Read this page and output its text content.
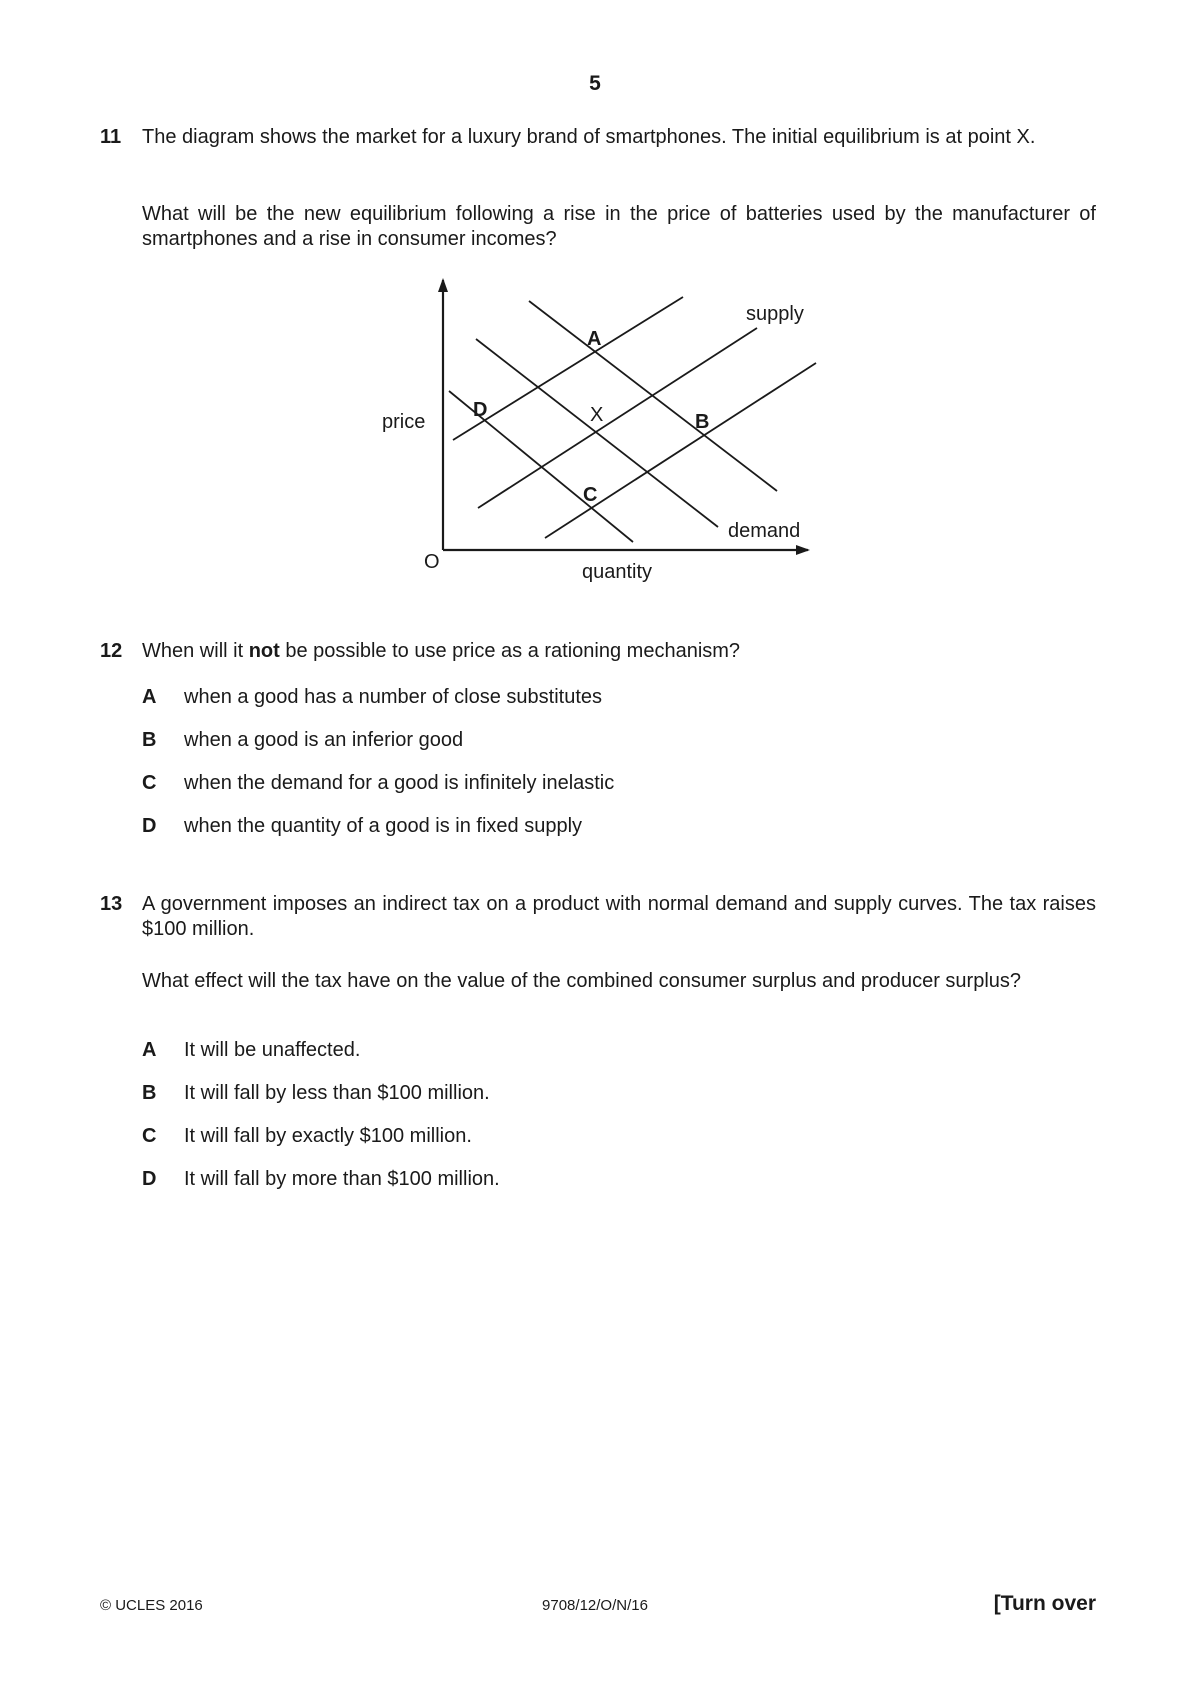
5
11 The diagram shows the market for a luxury brand of smartphones. The initial equilibrium is at point X.
What will be the new equilibrium following a rise in the price of batteries used by the manufacturer of smartphones and a rise in consumer incomes?
price
quantity
O
supply
demand
A
B
C
D	X
12 When will it not be possible to use price as a rationing mechanism?
A when a good has a number of close substitutes
B when a good is an inferior good
C when the demand for a good is infinitely inelastic
D when the quantity of a good is in fixed supply
13 A government imposes an indirect tax on a product with normal demand and supply curves. The tax raises $100 million.
What effect will the tax have on the value of the combined consumer surplus and producer surplus?
A It will be unaffected.
B It will fall by less than $100 million.
C It will fall by exactly $100 million.
D It will fall by more than $100 million.
© UCLES 2016	9708/12/O/N/16	[Turn over
